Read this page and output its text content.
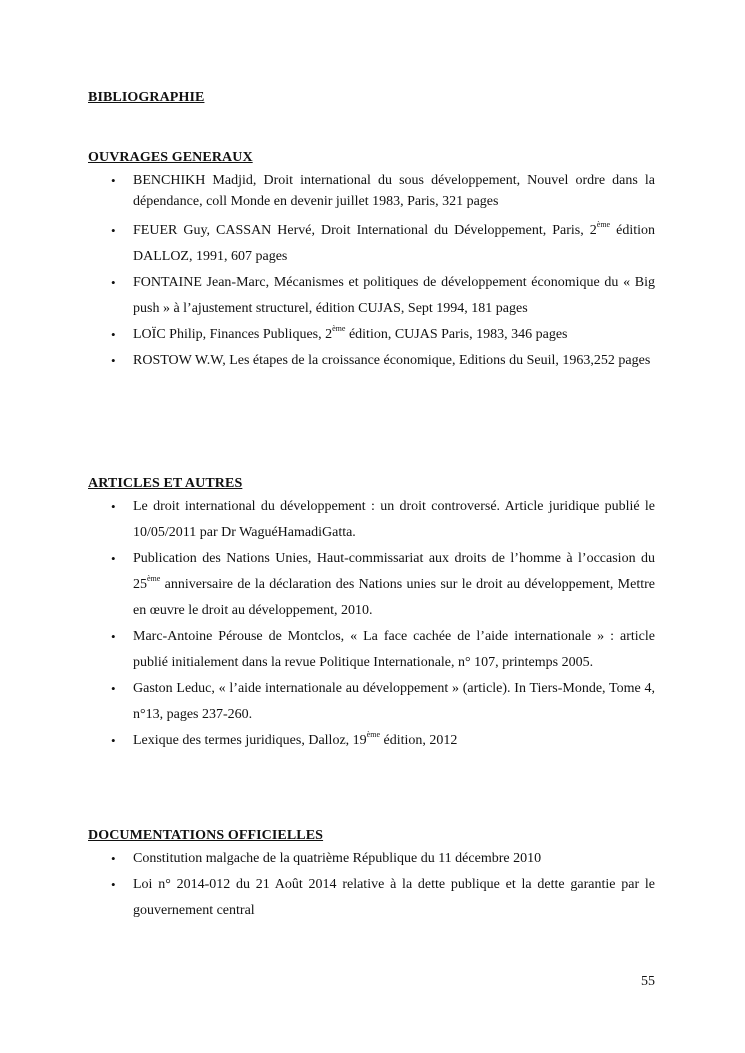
BIBLIOGRAPHIE

OUVRAGES GENERAUX

• BENCHIKH Madjid, Droit international du sous développement, Nouvel ordre dans la dépendance, coll Monde en devenir juillet 1983, Paris, 321 pages
• FEUER Guy, CASSAN Hervé, Droit International du Développement, Paris, 2ème édition DALLOZ, 1991, 607 pages
• FONTAINE Jean-Marc, Mécanismes et politiques de développement économique du « Big push » à l’ajustement structurel, édition CUJAS, Sept 1994, 181 pages
• LOÏC Philip, Finances Publiques, 2ème édition, CUJAS Paris, 1983, 346 pages
• ROSTOW W.W, Les étapes de la croissance économique, Editions du Seuil, 1963,252 pages

ARTICLES ET AUTRES

• Le droit international du développement : un droit controversé. Article juridique publié le 10/05/2011 par Dr WaguéHamadiGatta.
• Publication des Nations Unies, Haut-commissariat aux droits de l’homme à l’occasion du 25ème anniversaire de la déclaration des Nations unies sur le droit au développement, Mettre en œuvre le droit au développement, 2010.
• Marc-Antoine Pérouse de Montclos, « La face cachée de l’aide internationale » : article publié initialement dans la revue Politique Internationale, n° 107, printemps 2005.
• Gaston Leduc, « l’aide internationale au développement » (article). In Tiers-Monde, Tome 4, n°13, pages 237-260.
• Lexique des termes juridiques, Dalloz, 19ème édition, 2012

DOCUMENTATIONS OFFICIELLES

• Constitution malgache de la quatrième République du 11 décembre 2010
• Loi n° 2014-012 du 21 Août 2014 relative à la dette publique et la dette garantie par le gouvernement central
55
